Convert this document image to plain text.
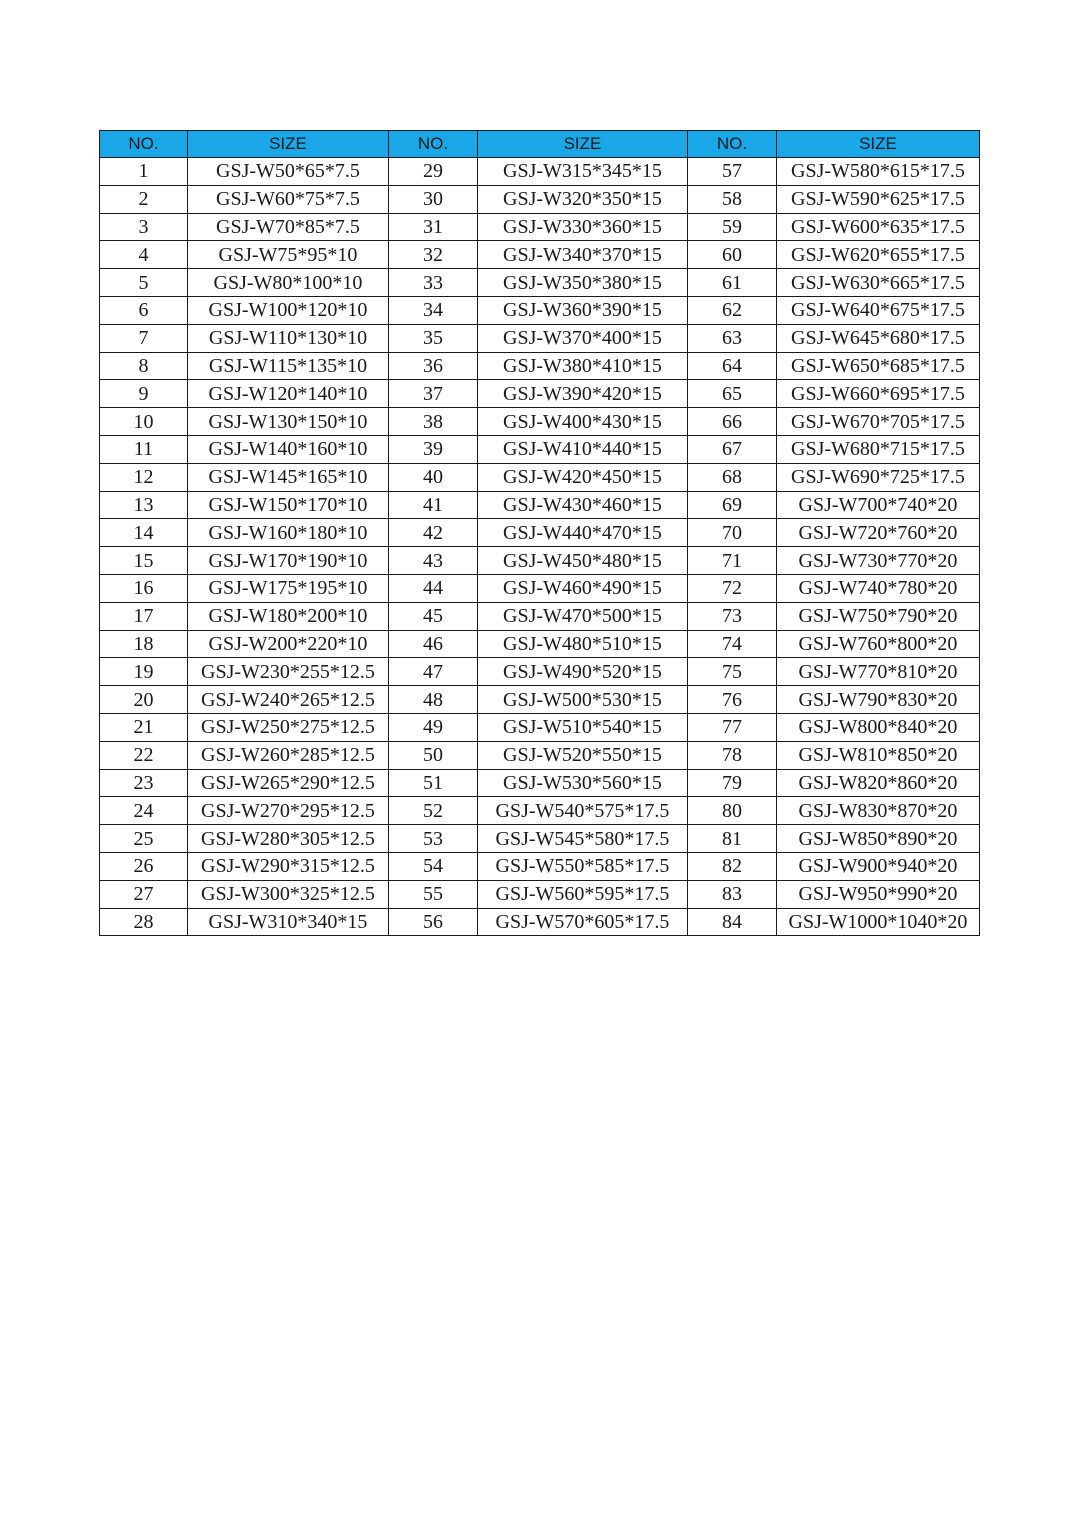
NO.	SIZE	NO.	SIZE	NO.	SIZE
1	GSJ-W50*65*7.5	29	GSJ-W315*345*15	57	GSJ-W580*615*17.5
2	GSJ-W60*75*7.5	30	GSJ-W320*350*15	58	GSJ-W590*625*17.5
3	GSJ-W70*85*7.5	31	GSJ-W330*360*15	59	GSJ-W600*635*17.5
4	GSJ-W75*95*10	32	GSJ-W340*370*15	60	GSJ-W620*655*17.5
5	GSJ-W80*100*10	33	GSJ-W350*380*15	61	GSJ-W630*665*17.5
6	GSJ-W100*120*10	34	GSJ-W360*390*15	62	GSJ-W640*675*17.5
7	GSJ-W110*130*10	35	GSJ-W370*400*15	63	GSJ-W645*680*17.5
8	GSJ-W115*135*10	36	GSJ-W380*410*15	64	GSJ-W650*685*17.5
9	GSJ-W120*140*10	37	GSJ-W390*420*15	65	GSJ-W660*695*17.5
10	GSJ-W130*150*10	38	GSJ-W400*430*15	66	GSJ-W670*705*17.5
11	GSJ-W140*160*10	39	GSJ-W410*440*15	67	GSJ-W680*715*17.5
12	GSJ-W145*165*10	40	GSJ-W420*450*15	68	GSJ-W690*725*17.5
13	GSJ-W150*170*10	41	GSJ-W430*460*15	69	GSJ-W700*740*20
14	GSJ-W160*180*10	42	GSJ-W440*470*15	70	GSJ-W720*760*20
15	GSJ-W170*190*10	43	GSJ-W450*480*15	71	GSJ-W730*770*20
16	GSJ-W175*195*10	44	GSJ-W460*490*15	72	GSJ-W740*780*20
17	GSJ-W180*200*10	45	GSJ-W470*500*15	73	GSJ-W750*790*20
18	GSJ-W200*220*10	46	GSJ-W480*510*15	74	GSJ-W760*800*20
19	GSJ-W230*255*12.5	47	GSJ-W490*520*15	75	GSJ-W770*810*20
20	GSJ-W240*265*12.5	48	GSJ-W500*530*15	76	GSJ-W790*830*20
21	GSJ-W250*275*12.5	49	GSJ-W510*540*15	77	GSJ-W800*840*20
22	GSJ-W260*285*12.5	50	GSJ-W520*550*15	78	GSJ-W810*850*20
23	GSJ-W265*290*12.5	51	GSJ-W530*560*15	79	GSJ-W820*860*20
24	GSJ-W270*295*12.5	52	GSJ-W540*575*17.5	80	GSJ-W830*870*20
25	GSJ-W280*305*12.5	53	GSJ-W545*580*17.5	81	GSJ-W850*890*20
26	GSJ-W290*315*12.5	54	GSJ-W550*585*17.5	82	GSJ-W900*940*20
27	GSJ-W300*325*12.5	55	GSJ-W560*595*17.5	83	GSJ-W950*990*20
28	GSJ-W310*340*15	56	GSJ-W570*605*17.5	84	GSJ-W1000*1040*20
